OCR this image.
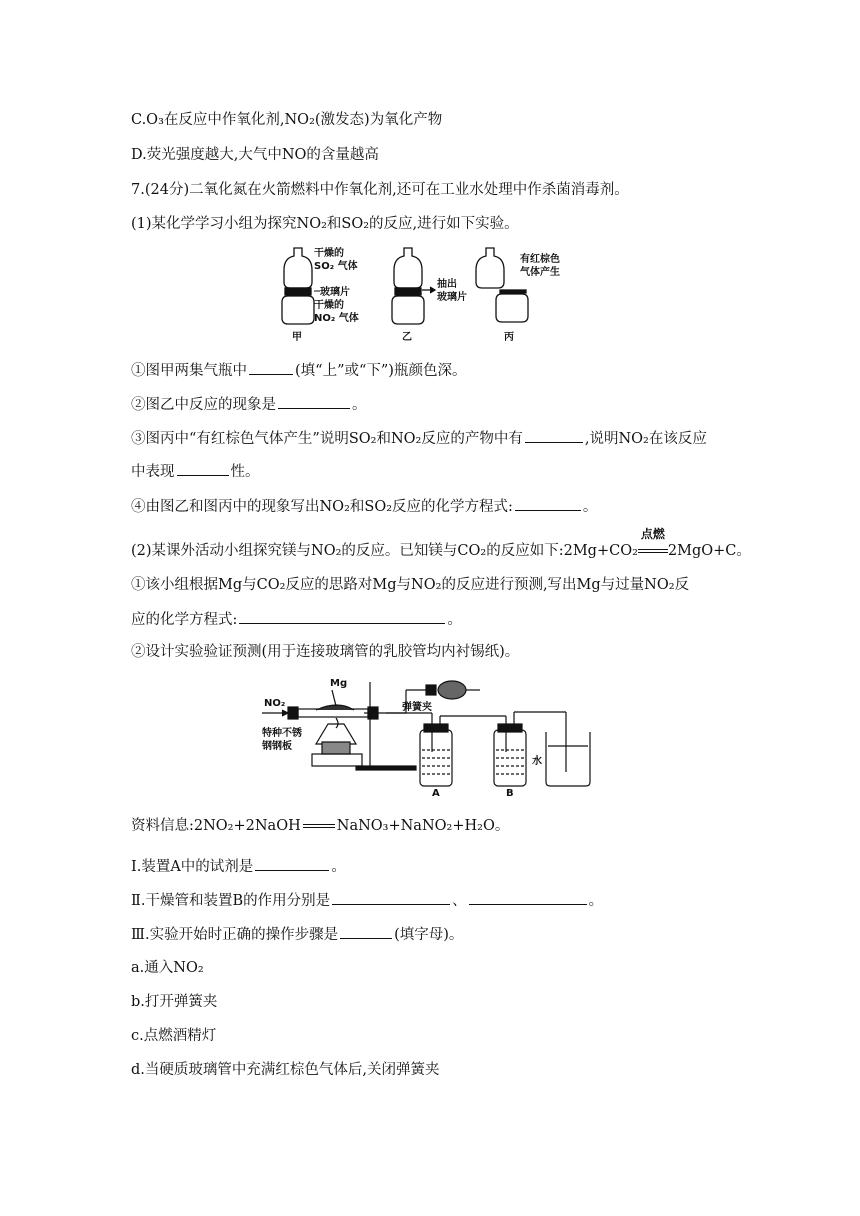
C.O₃在反应中作氧化剂,NO₂(激发态)为氧化产物
D.荧光强度越大,大气中NO的含量越高
7.(24分)二氧化氮在火箭燃料中作氧化剂,还可在工业水处理中作杀菌消毒剂。
(1)某化学学习小组为探究NO₂和SO₂的反应,进行如下实验。
干燥的
SO₂ 气体
玻璃片
干燥的
NO₂ 气体
甲
抽出
玻璃片
乙
有红棕色
气体产生
丙
①图甲两集气瓶中	(填“上”或“下”)瓶颜色深。
②图乙中反应的现象是	。
③图丙中“有红棕色气体产生”说明SO₂和NO₂反应的产物中有	,说明NO₂在该反应
中表现	性。
④由图乙和图丙中的现象写出NO₂和SO₂反应的化学方程式:	。
(2)某课外活动小组探究镁与NO₂的反应。已知镁与CO₂的反应如下:2Mg+CO₂
点燃
2MgO+C。
①该小组根据Mg与CO₂反应的思路对Mg与NO₂的反应进行预测,写出Mg与过量NO₂反
应的化学方程式:	。
②设计实验验证预测(用于连接玻璃管的乳胶管均内衬锡纸)。
NO₂
Mg
弹簧夹
特种不锈
钢钢板
水
A	B
资料信息:2NO₂+2NaOH NaNO₃+NaNO₂+H₂O。
Ⅰ.装置A中的试剂是	。
Ⅱ.干燥管和装置B的作用分别是	、	。
Ⅲ.实验开始时正确的操作步骤是	(填字母)。
a.通入NO₂
b.打开弹簧夹
c.点燃酒精灯
d.当硬质玻璃管中充满红棕色气体后,关闭弹簧夹
